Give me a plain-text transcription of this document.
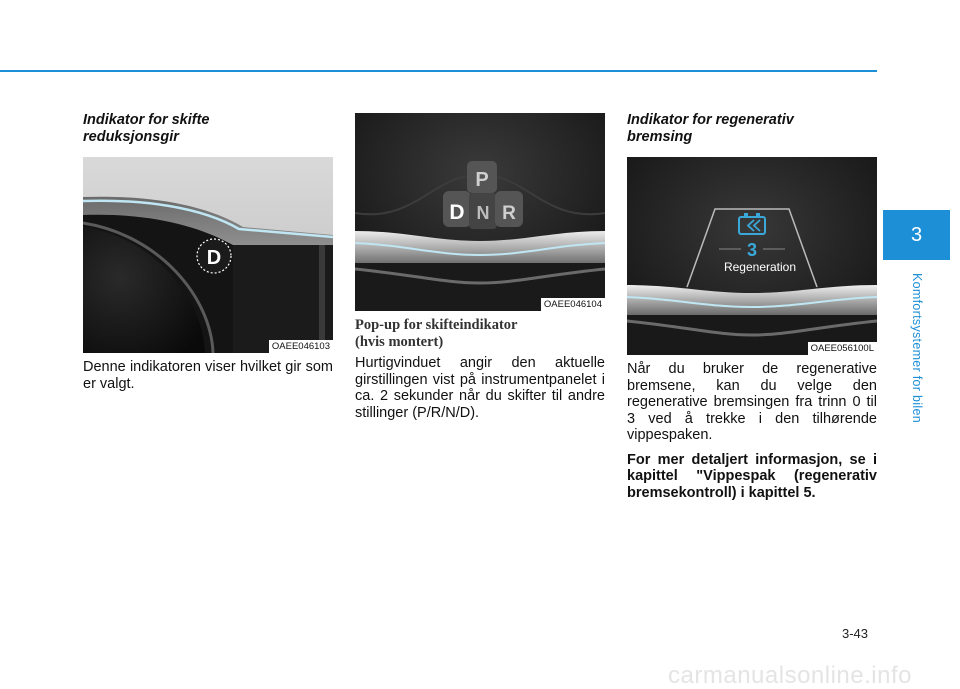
Indikator for skifte
reduksjonsgir
D
OAEE046103

Denne indikatoren viser hvilket gir som er valgt.

P
D N R
OAEE046104
Pop-up for skifteindikator
(hvis montert)

Hurtigvinduet angir den aktuelle girstillingen vist på instrumentpanelet i ca. 2 sekunder når du skifter til andre stillinger (P/R/N/D).

Indikator for regenerativ
bremsing
3
Regeneration
OAEE056100L

Når du bruker de regenerative bremsene, kan du velge den regenerative bremsingen fra trinn 0 til 3 ved å trekke i den tilhørende vippespaken.

For mer detaljert informasjon, se i kapittel "Vippespak (regenerativ bremsekontroll) i kapittel 5.

3
Komfortsystemer for bilen
3-43
carmanualsonline.info
